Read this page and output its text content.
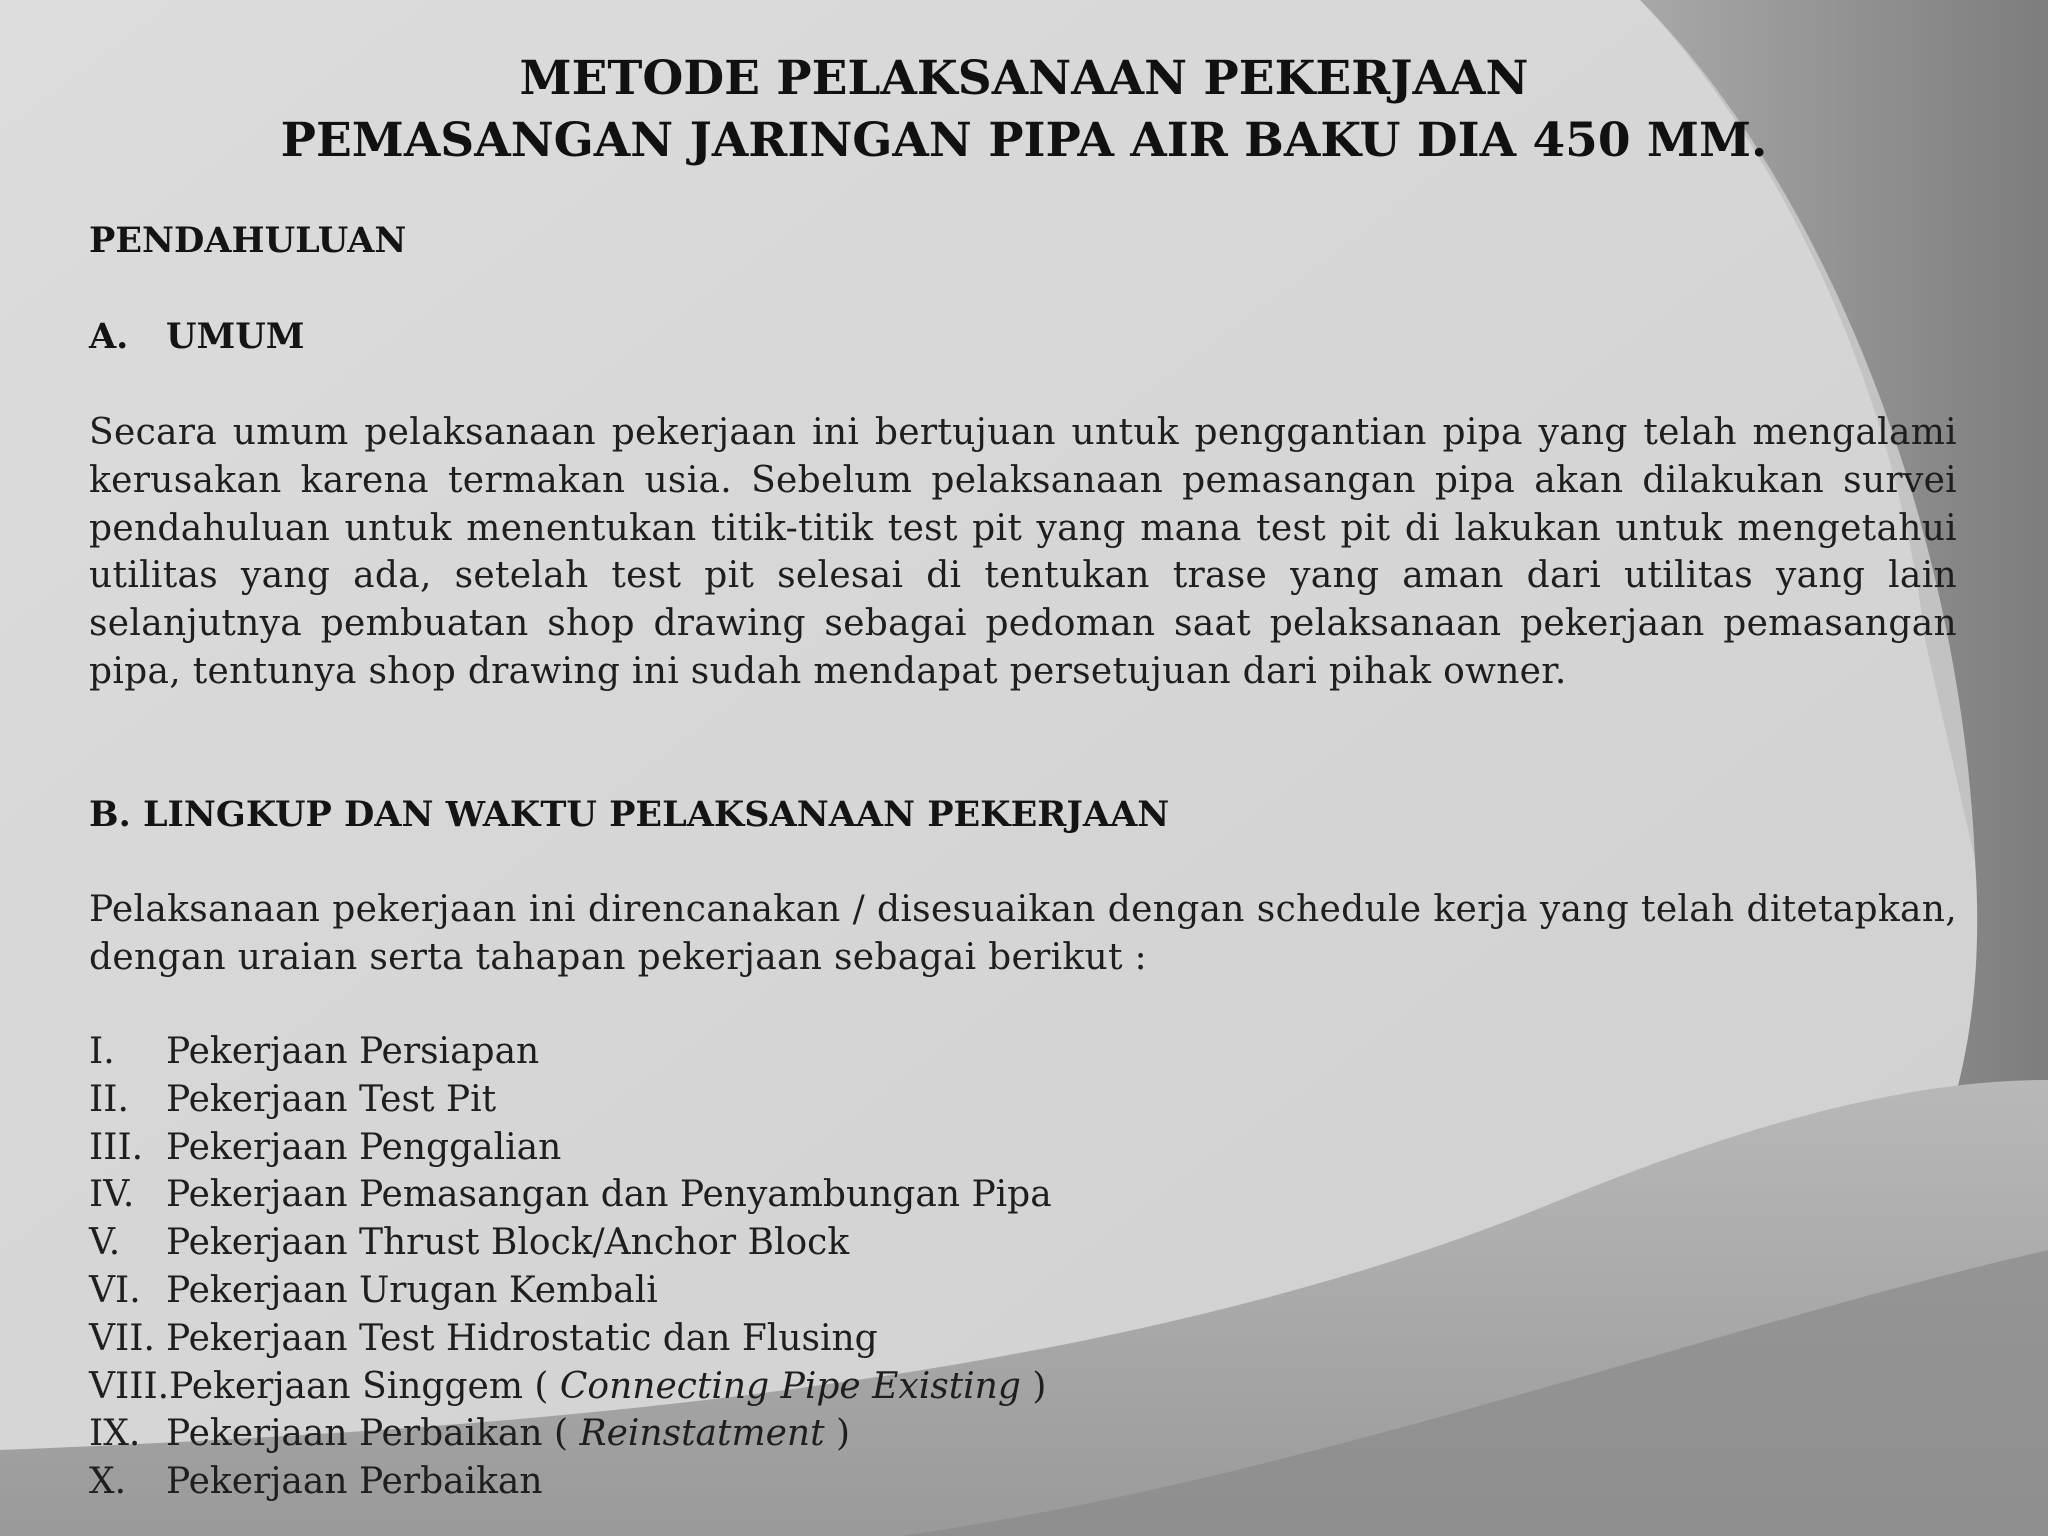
METODE PELAKSANAAN PEKERJAAN
PEMASANGAN JARINGAN PIPA AIR BAKU DIA 450 MM.
PENDAHULUAN
A. UMUM
Secara umum pelaksanaan pekerjaan ini bertujuan untuk penggantian pipa yang telah mengalami kerusakan karena termakan usia. Sebelum pelaksanaan pemasangan pipa akan dilakukan survei pendahuluan untuk menentukan titik-titik test pit yang mana test pit di lakukan untuk mengetahui utilitas yang ada, setelah test pit selesai di tentukan trase yang aman dari utilitas yang lain selanjutnya pembuatan shop drawing sebagai pedoman saat pelaksanaan pekerjaan pemasangan pipa, tentunya shop drawing ini sudah mendapat persetujuan dari pihak owner.
B. LINGKUP DAN WAKTU PELAKSANAAN PEKERJAAN
Pelaksanaan pekerjaan ini direncanakan / disesuaikan dengan schedule kerja yang telah ditetapkan, dengan uraian serta tahapan pekerjaan sebagai berikut :
I.	Pekerjaan Persiapan
II.	Pekerjaan Test Pit
III. Pekerjaan Penggalian
IV. Pekerjaan Pemasangan dan Penyambungan Pipa
V.	Pekerjaan Thrust Block/Anchor Block
VI. Pekerjaan Urugan Kembali
VII. Pekerjaan Test Hidrostatic dan Flusing
VIII. Pekerjaan Singgem ( Connecting Pipe Existing )
IX. Pekerjaan Perbaikan ( Reinstatment )
X.	Pekerjaan Perbaikan
